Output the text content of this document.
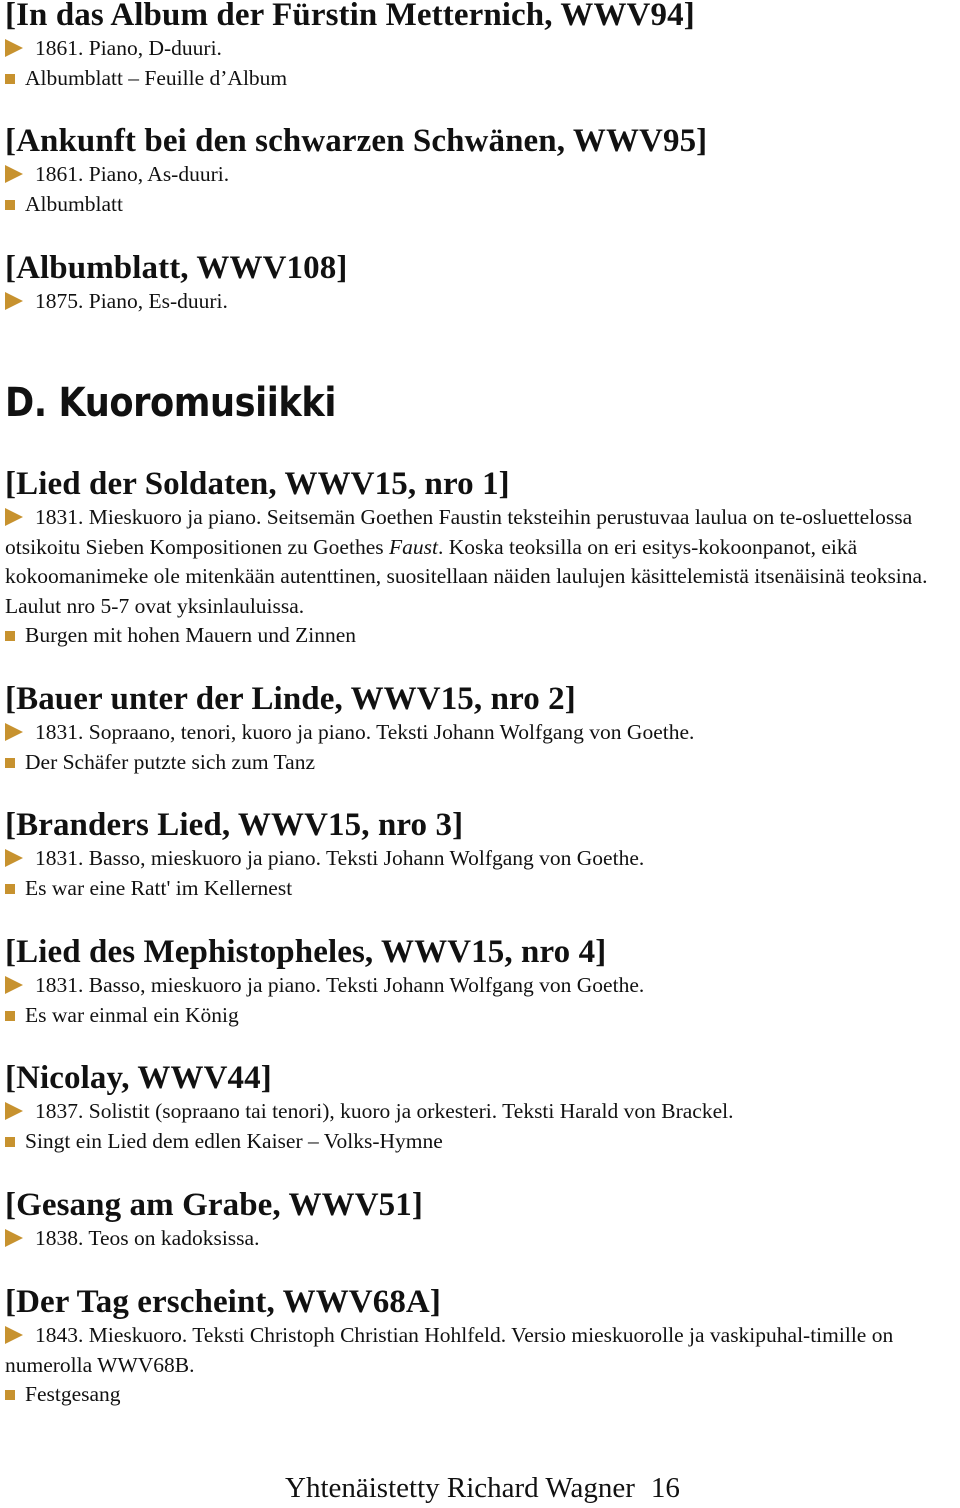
[In das Album der Fürstin Metternich, WWV94]

1861. Piano, D-duuri.

Albumblatt – Feuille d’Album

[Ankunft bei den schwarzen Schwänen, WWV95]

1861. Piano, As-duuri.

Albumblatt

[Albumblatt, WWV108]

1875. Piano, Es-duuri.

D. Kuoromusiikki

[Lied der Soldaten, WWV15, nro 1]

1831. Mieskuoro ja piano. Seitsemän Goethen Faustin teksteihin perustuvaa laulua on te-osluettelossa otsikoitu Sieben Kompositionen zu Goethes Faust. Koska teoksilla on eri esitys-kokoonpanot, eikä kokoomanimeke ole mitenkään autenttinen, suositellaan näiden laulujen käsittelemistä itsenäisinä teoksina. Laulut nro 5-7 ovat yksinlauluissa.

Burgen mit hohen Mauern und Zinnen

[Bauer unter der Linde, WWV15, nro 2]

1831. Sopraano, tenori, kuoro ja piano. Teksti Johann Wolfgang von Goethe.

Der Schäfer putzte sich zum Tanz

[Branders Lied, WWV15, nro 3]

1831. Basso, mieskuoro ja piano. Teksti Johann Wolfgang von Goethe.

Es war eine Ratt' im Kellernest

[Lied des Mephistopheles, WWV15, nro 4]

1831. Basso, mieskuoro ja piano. Teksti Johann Wolfgang von Goethe.

Es war einmal ein König

[Nicolay, WWV44]

1837. Solistit (sopraano tai tenori), kuoro ja orkesteri. Teksti Harald von Brackel.

Singt ein Lied dem edlen Kaiser – Volks-Hymne

[Gesang am Grabe, WWV51]

1838. Teos on kadoksissa.

[Der Tag erscheint, WWV68A]

1843. Mieskuoro. Teksti Christoph Christian Hohlfeld. Versio mieskuorolle ja vaskipuhal-timille on numerolla WWV68B.

Festgesang

Yhtenäistetty Richard Wagner 16
